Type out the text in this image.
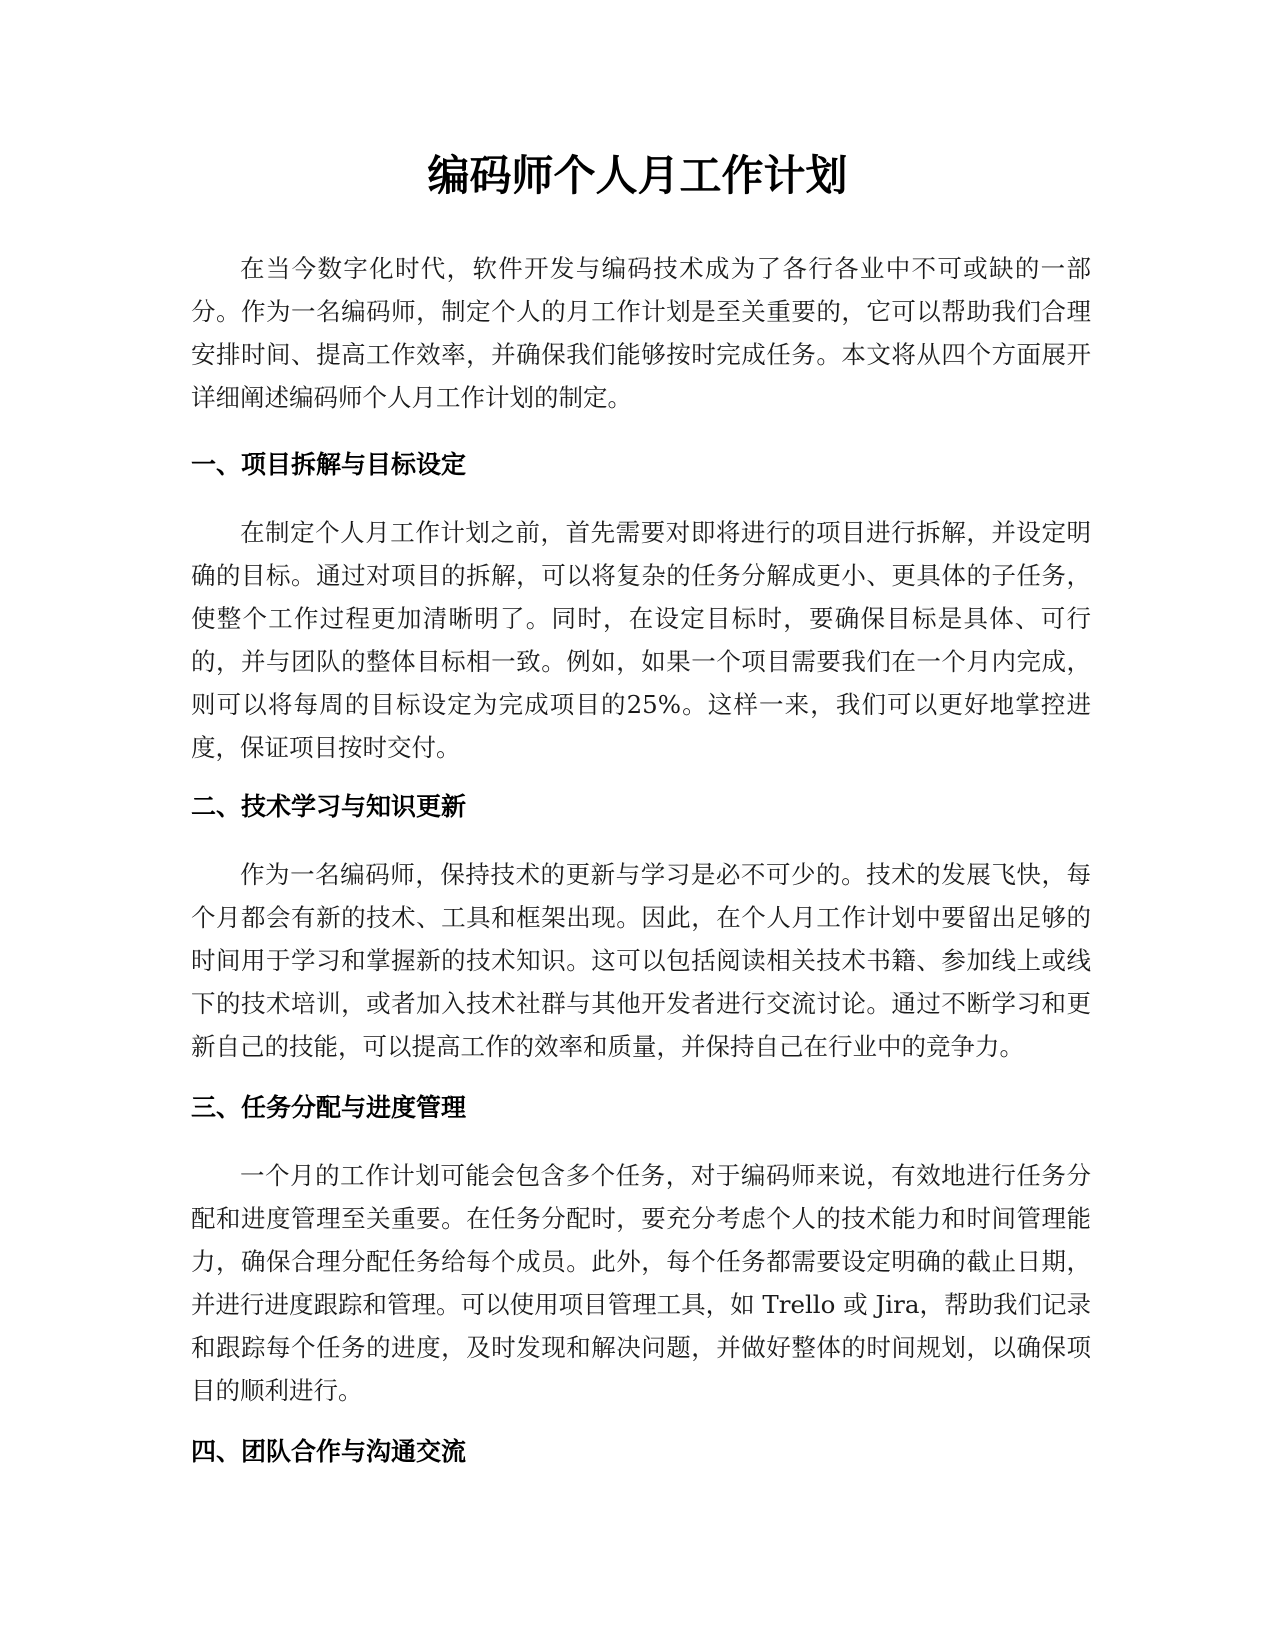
编码师个人月工作计划

在当今数字化时代，软件开发与编码技术成为了各行各业中不可或缺的一部分。作为一名编码师，制定个人的月工作计划是至关重要的，它可以帮助我们合理安排时间、提高工作效率，并确保我们能够按时完成任务。本文将从四个方面展开详细阐述编码师个人月工作计划的制定。

一、项目拆解与目标设定

在制定个人月工作计划之前，首先需要对即将进行的项目进行拆解，并设定明确的目标。通过对项目的拆解，可以将复杂的任务分解成更小、更具体的子任务，使整个工作过程更加清晰明了。同时，在设定目标时，要确保目标是具体、可行的，并与团队的整体目标相一致。例如，如果一个项目需要我们在一个月内完成，则可以将每周的目标设定为完成项目的25%。这样一来，我们可以更好地掌控进度，保证项目按时交付。

二、技术学习与知识更新

作为一名编码师，保持技术的更新与学习是必不可少的。技术的发展飞快，每个月都会有新的技术、工具和框架出现。因此，在个人月工作计划中要留出足够的时间用于学习和掌握新的技术知识。这可以包括阅读相关技术书籍、参加线上或线下的技术培训，或者加入技术社群与其他开发者进行交流讨论。通过不断学习和更新自己的技能，可以提高工作的效率和质量，并保持自己在行业中的竞争力。

三、任务分配与进度管理

一个月的工作计划可能会包含多个任务，对于编码师来说，有效地进行任务分配和进度管理至关重要。在任务分配时，要充分考虑个人的技术能力和时间管理能力，确保合理分配任务给每个成员。此外，每个任务都需要设定明确的截止日期，并进行进度跟踪和管理。可以使用项目管理工具，如 Trello 或 Jira，帮助我们记录和跟踪每个任务的进度，及时发现和解决问题，并做好整体的时间规划，以确保项目的顺利进行。

四、团队合作与沟通交流
